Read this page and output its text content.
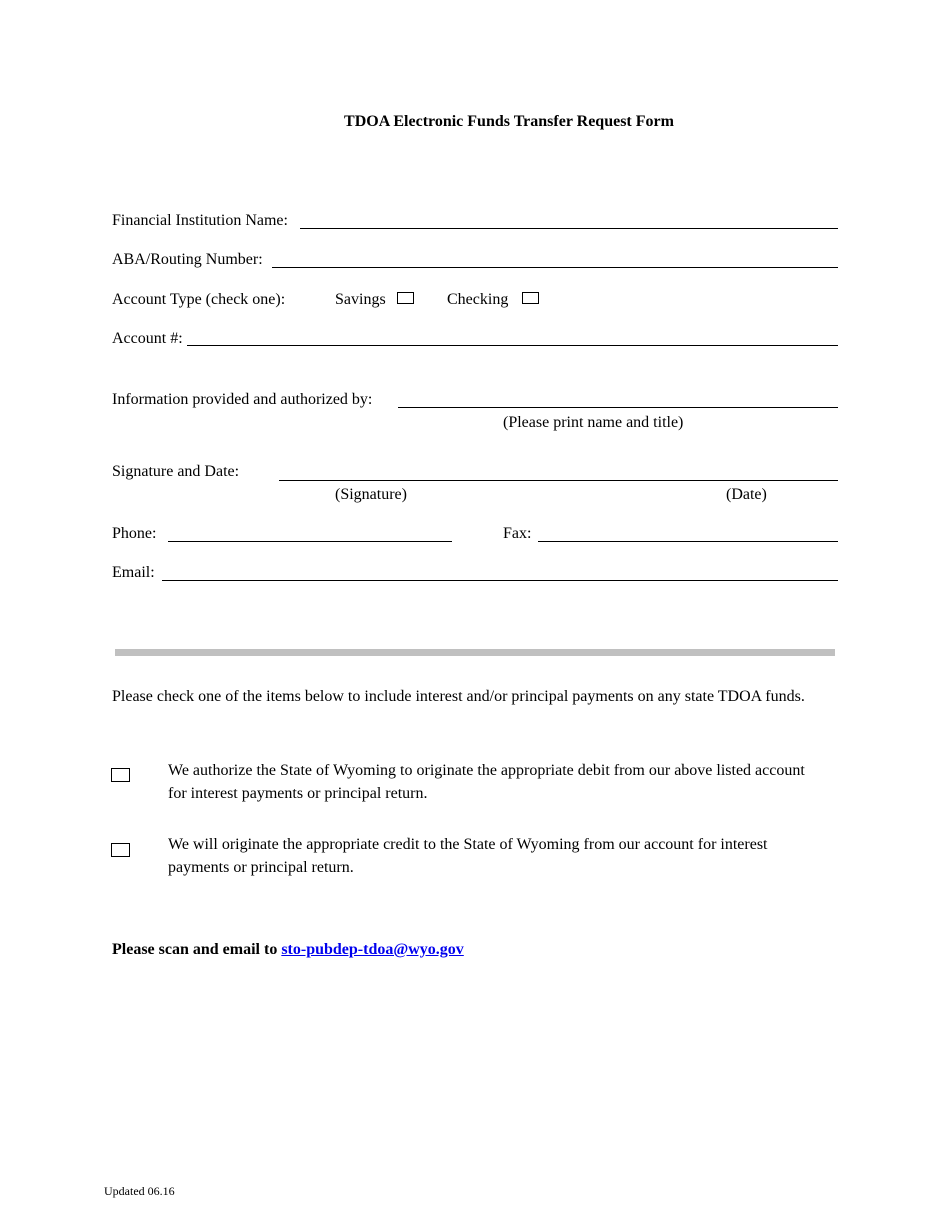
TDOA Electronic Funds Transfer Request Form
Financial Institution Name:
ABA/Routing Number:
Account Type (check one):	Savings	Checking
Account #:
Information provided and authorized by:
(Please print name and title)
Signature and Date:
(Signature)	(Date)
Phone:	Fax:
Email:
Please check one of the items below to include interest and/or principal payments on any state TDOA funds.
We authorize the State of Wyoming to originate the appropriate debit from our above listed account for interest payments or principal return.
We will originate the appropriate credit to the State of Wyoming from our account for interest payments or principal return.
Please scan and email to sto-pubdep-tdoa@wyo.gov
Updated 06.16
